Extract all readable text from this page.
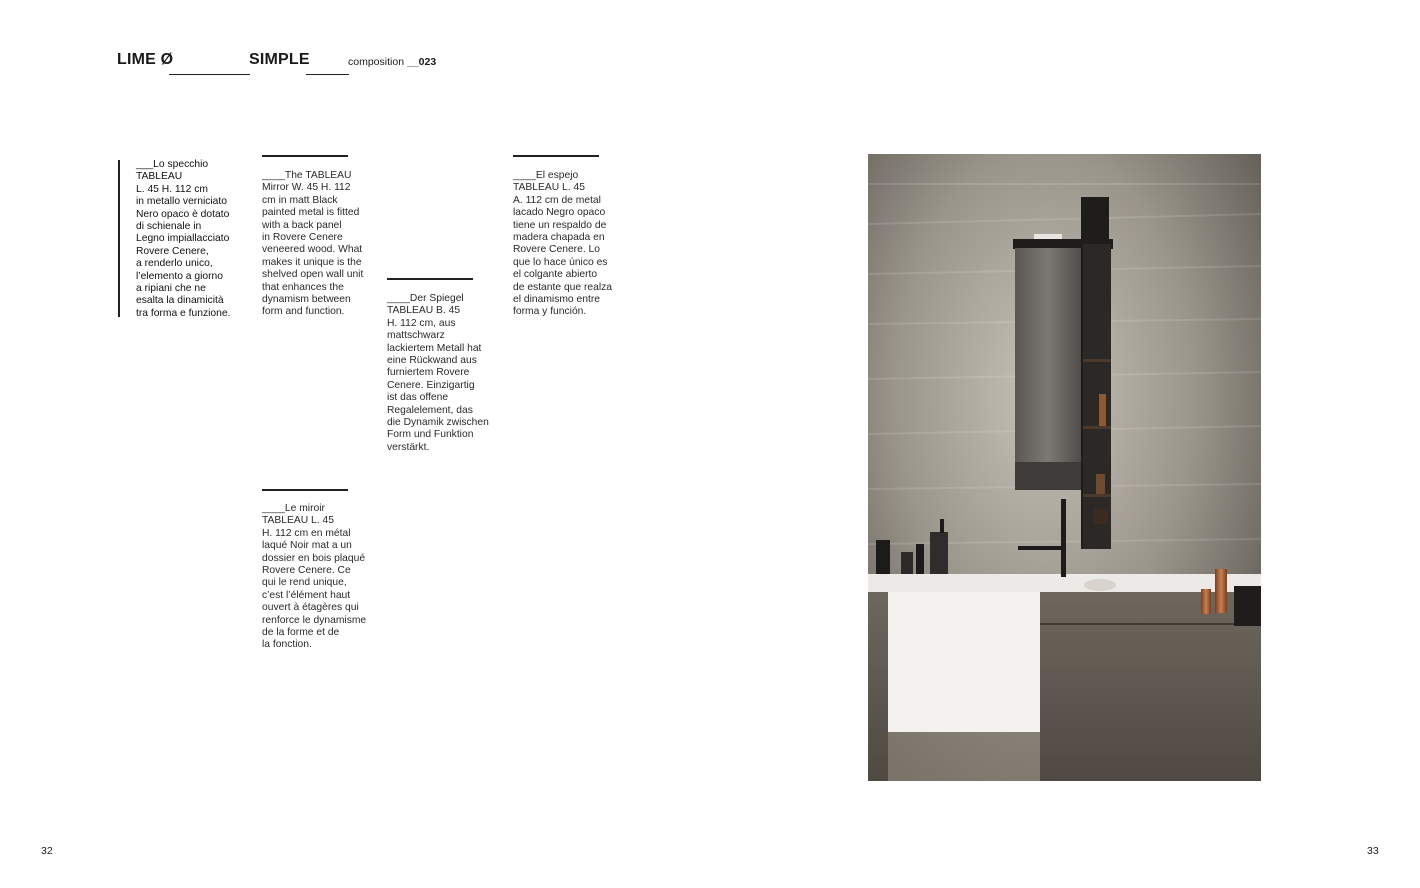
LIME Ø	SIMPLE	composition __023
___Lo specchio
TABLEAU
L. 45 H. 112 cm
in metallo verniciato
Nero opaco è dotato
di schienale in
Legno impiallacciato
Rovere Cenere,
a renderlo unico,
l’elemento a giorno
a ripiani che ne
esalta la dinamicità
tra forma e funzione.
____The TABLEAU
Mirror W. 45 H. 112
cm in matt Black
painted metal is fitted
with a back panel
in Rovere Cenere
veneered wood. What
makes it unique is the
shelved open wall unit
that enhances the
dynamism between
form and function.
____Der Spiegel
TABLEAU B. 45
H. 112 cm, aus
mattschwarz
lackiertem Metall hat
eine Rückwand aus
furniertem Rovere
Cenere. Einzigartig
ist das offene
Regalelement, das
die Dynamik zwischen
Form und Funktion
verstärkt.
____El espejo
TABLEAU L. 45
A. 112 cm de metal
lacado Negro opaco
tiene un respaldo de
madera chapada en
Rovere Cenere. Lo
que lo hace único es
el colgante abierto
de estante que realza
el dinamismo entre
forma y función.
____Le miroir
TABLEAU L. 45
H. 112 cm en métal
laqué Noir mat a un
dossier en bois plaqué
Rovere Cenere. Ce
qui le rend unique,
c’est l’élément haut
ouvert à étagères qui
renforce le dynamisme
de la forme et de
la fonction.
32	33
